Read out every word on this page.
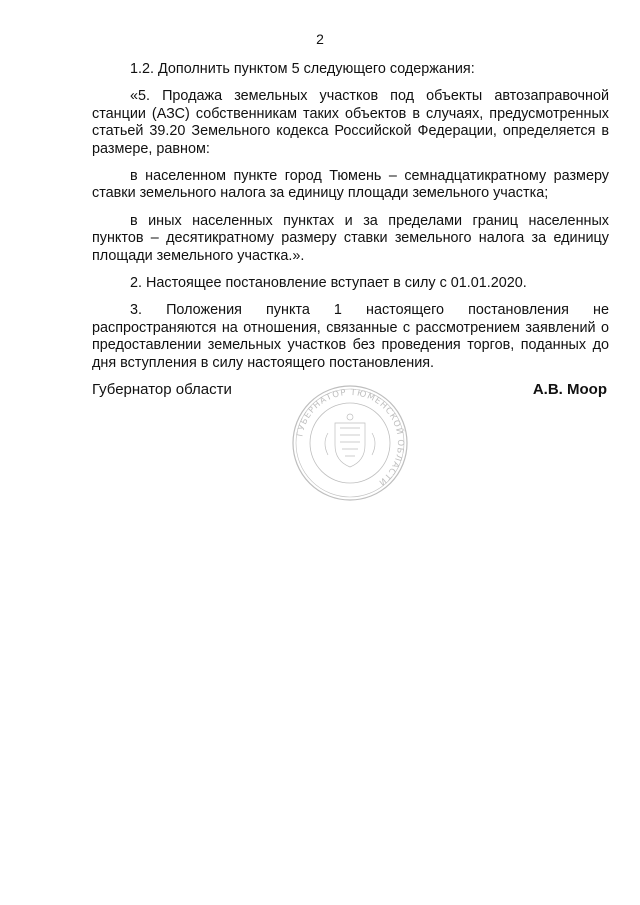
2

1.2. Дополнить пунктом 5 следующего содержания:

«5. Продажа земельных участков под объекты автозаправочной станции (АЗС) собственникам таких объектов в случаях, предусмотренных статьей 39.20 Земельного кодекса Российской Федерации, определяется в размере, равном:

в населенном пункте город Тюмень – семнадцатикратному размеру ставки земельного налога за единицу площади земельного участка;

в иных населенных пунктах и за пределами границ населенных пунктов – десятикратному размеру ставки земельного налога за единицу площади земельного участка.».

2. Настоящее постановление вступает в силу с 01.01.2020.

3. Положения пункта 1 настоящего постановления не распространяются на отношения, связанные с рассмотрением заявлений о предоставлении земельных участков без проведения торгов, поданных до дня вступления в силу настоящего постановления.

Губернатор области	А.В. Моор
ГУБЕРНАТОР ТЮМЕНСКОЙ ОБЛАСТИ
